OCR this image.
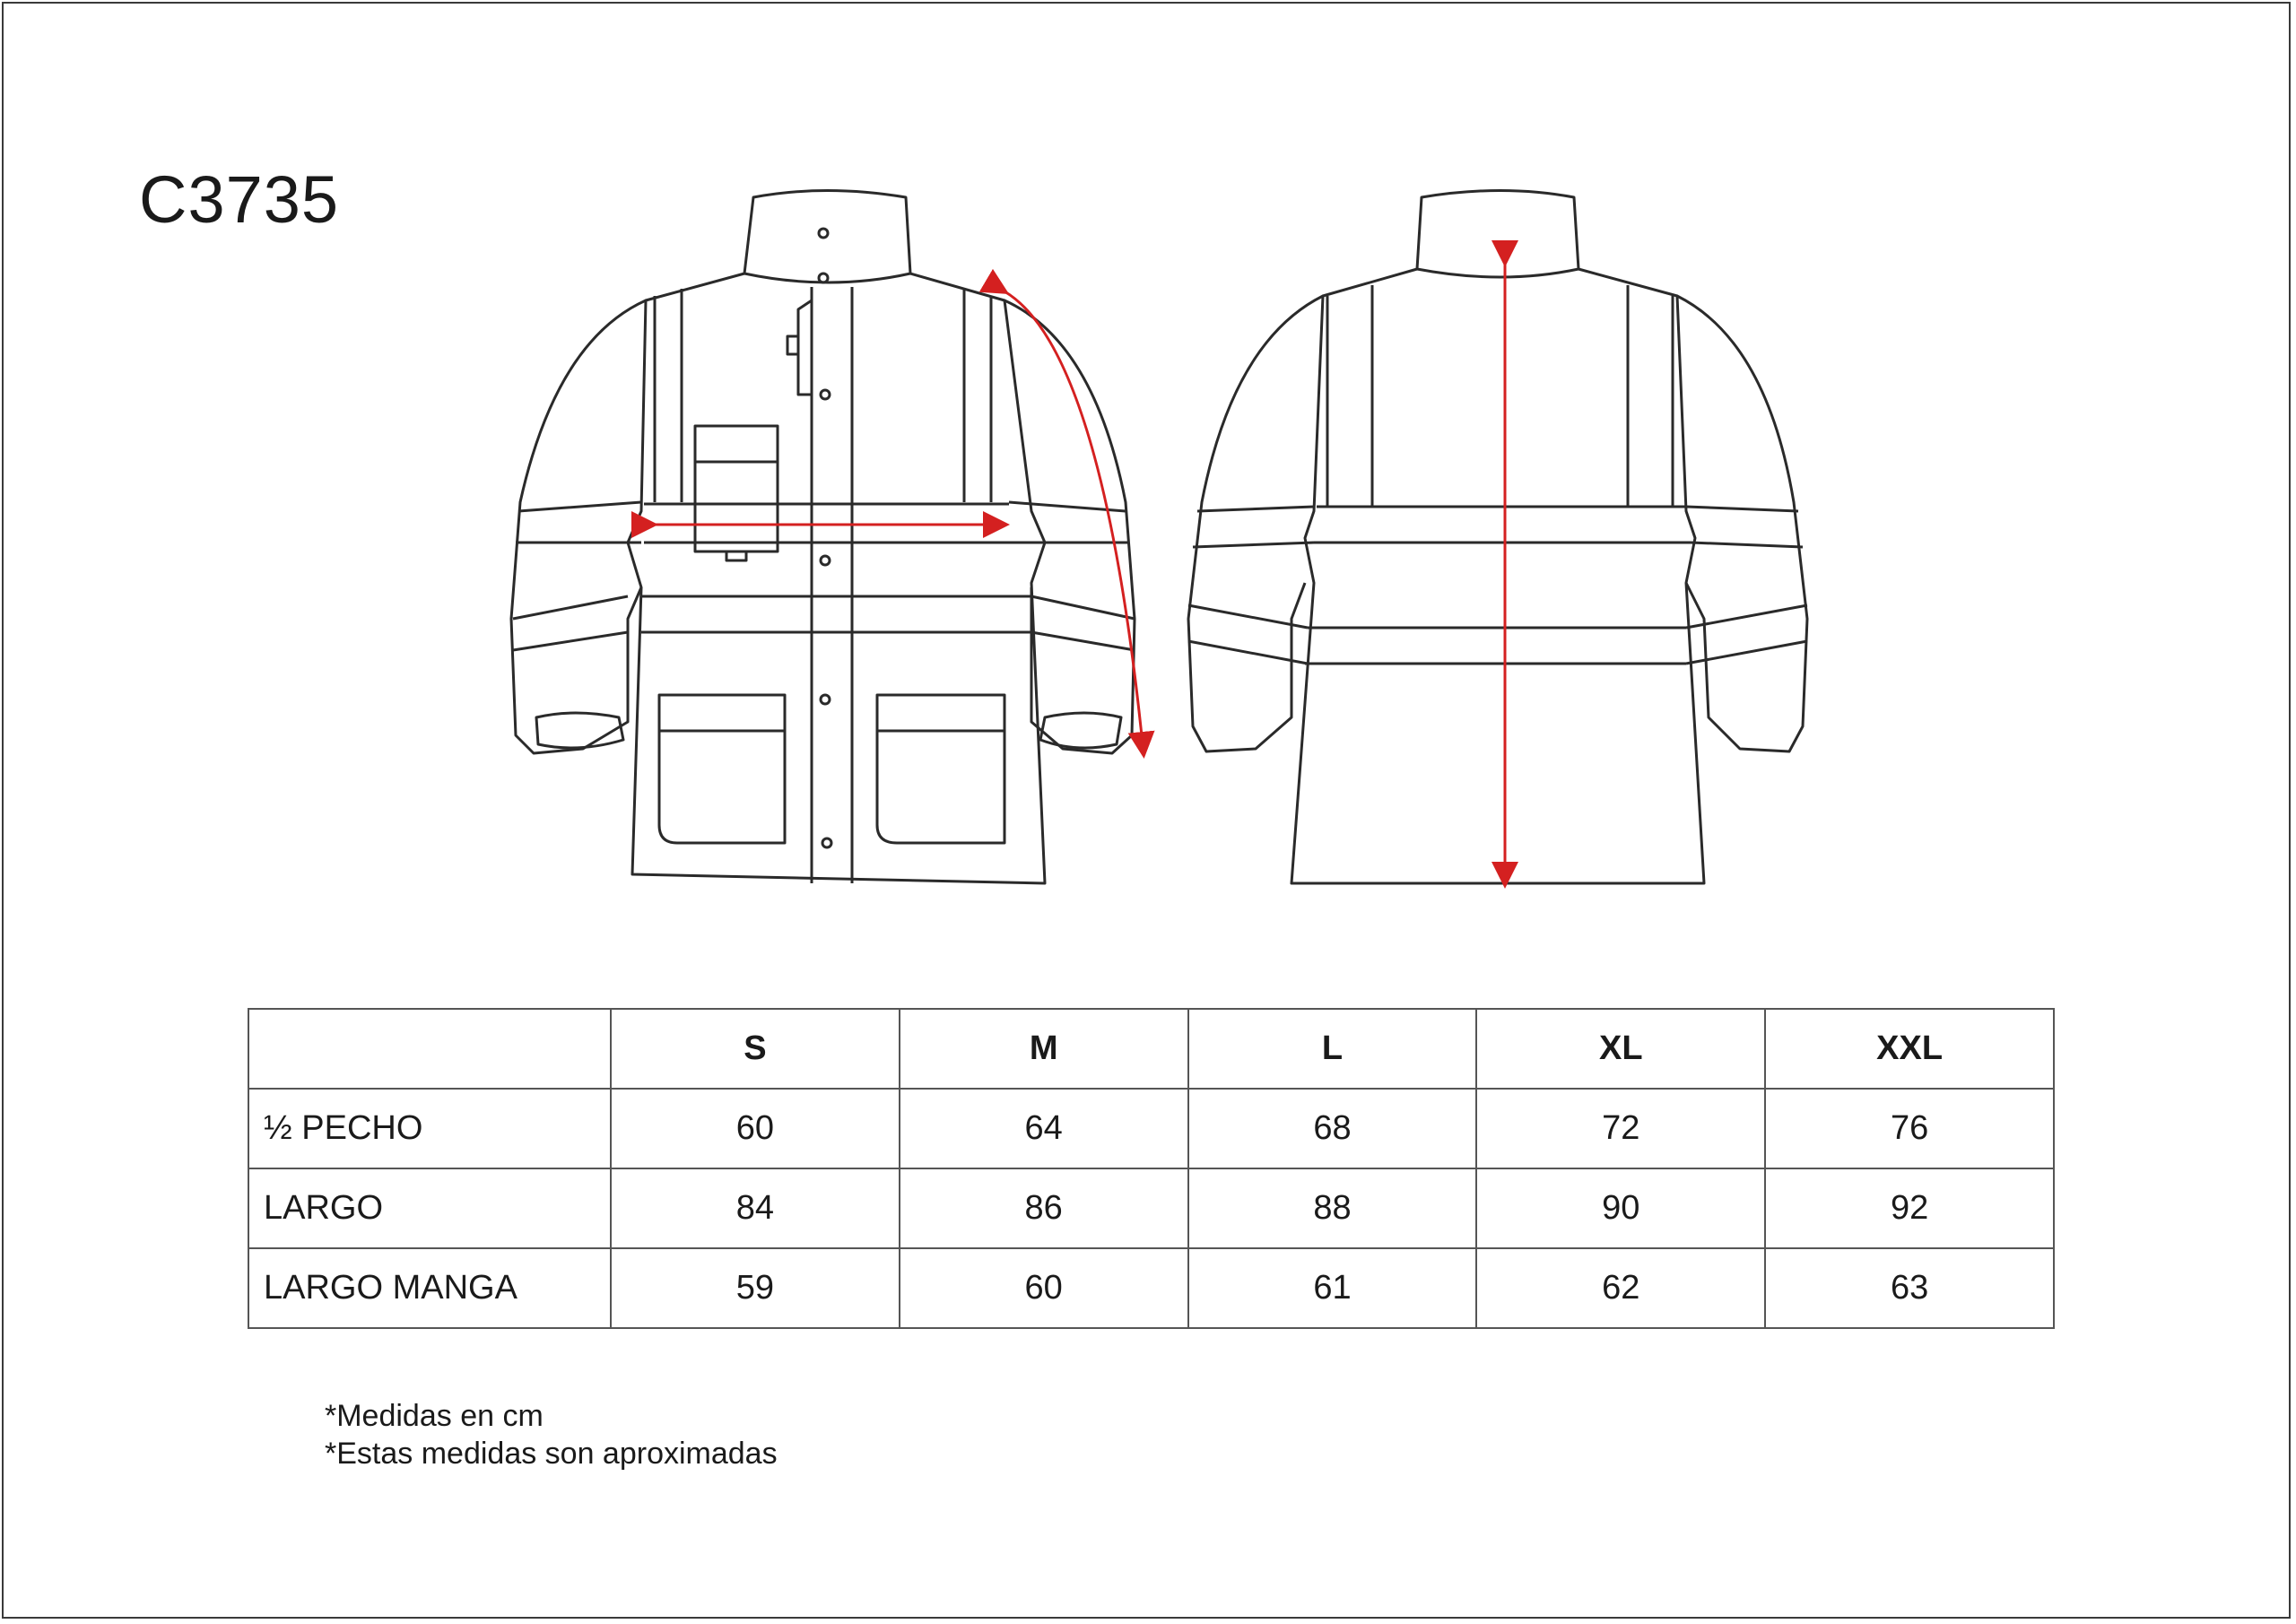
C3735
	S	M	L	XL	XXL
½ PECHO	60	64	68	72	76
LARGO	84	86	88	90	92
LARGO MANGA	59	60	61	62	63
*Medidas en cm
*Estas medidas son aproximadas
